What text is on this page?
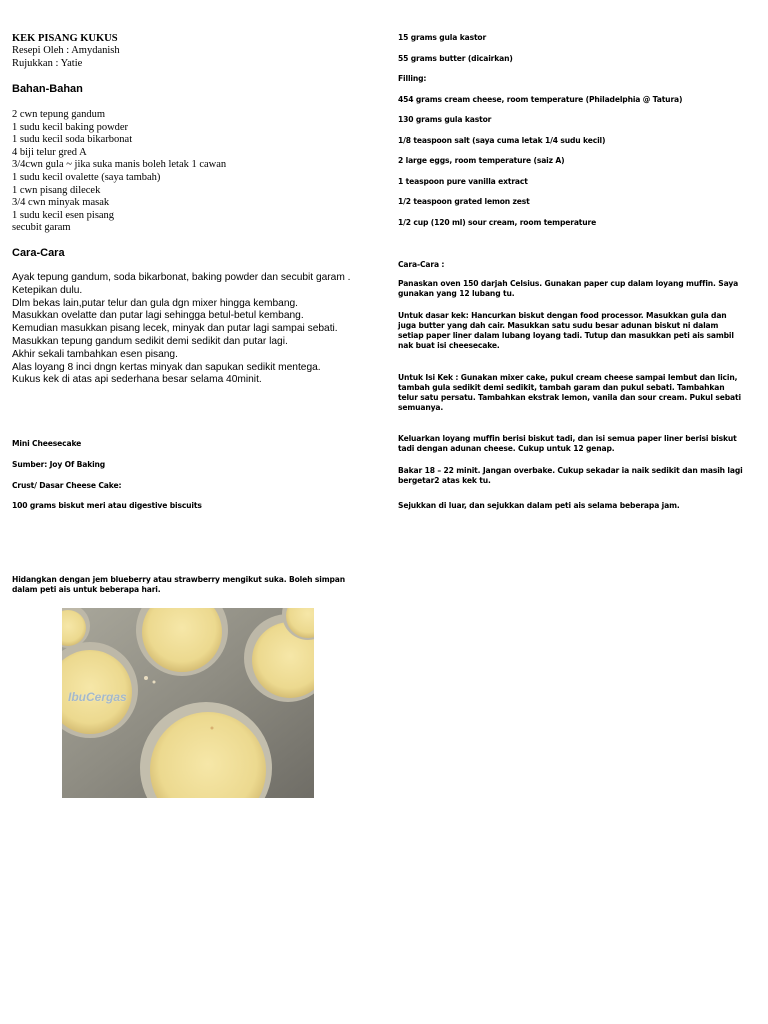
KEK PISANG KUKUS
Resepi Oleh : Amydanish
Rujukkan : Yatie
Bahan-Bahan
2 cwn tepung gandum
1 sudu kecil baking powder
1 sudu kecil soda bikarbonat
4 biji telur gred A
3/4cwn gula ~ jika suka manis boleh letak 1 cawan
1 sudu kecil ovalette (saya tambah)
1 cwn pisang dilecek
3/4 cwn minyak masak
1 sudu kecil esen pisang
secubit garam
Cara-Cara
Ayak tepung gandum, soda bikarbonat, baking powder dan secubit garam .
Ketepikan dulu.
Dlm bekas lain,putar telur dan gula dgn mixer hingga kembang.
Masukkan ovelatte dan putar lagi sehingga betul-betul kembang.
Kemudian masukkan pisang lecek, minyak dan putar lagi sampai sebati.
Masukkan tepung gandum sedikit demi sedikit dan putar lagi.
Akhir sekali tambahkan esen pisang.
Alas loyang 8 inci dngn kertas minyak dan sapukan sedikit mentega.
Kukus kek di atas api sederhana besar selama 40minit.
Mini Cheesecake
Sumber: Joy Of Baking
Crust/ Dasar Cheese Cake:
100 grams biskut meri atau digestive biscuits
Hidangkan dengan jem blueberry atau strawberry mengikut suka. Boleh simpan dalam peti ais untuk beberapa hari.
IbuCergas
15 grams gula kastor
55 grams butter (dicairkan)
Filling:
454 grams cream cheese, room temperature (Philadelphia @ Tatura)
130 grams gula kastor
1/8 teaspoon salt (saya cuma letak 1/4 sudu kecil)
2 large eggs, room temperature (saiz A)
1 teaspoon pure vanilla extract
1/2 teaspoon grated lemon zest
1/2 cup (120 ml) sour cream, room temperature
Cara-Cara :
Panaskan oven 150 darjah Celsius. Gunakan paper cup dalam loyang muffin. Saya gunakan yang 12 lubang tu.
Untuk dasar kek: Hancurkan biskut dengan food processor. Masukkan gula dan juga butter yang dah cair. Masukkan satu sudu besar adunan biskut ni dalam setiap paper liner dalam lubang loyang tadi. Tutup dan masukkan peti ais sambil nak buat isi cheesecake.
Untuk Isi Kek : Gunakan mixer cake, pukul cream cheese sampai lembut dan licin, tambah gula sedikit demi sedikit, tambah garam dan pukul sebati. Tambahkan telur satu persatu. Tambahkan ekstrak lemon, vanila dan sour cream. Pukul sebati semuanya.
Keluarkan loyang muffin berisi biskut tadi, dan isi semua paper liner berisi biskut tadi dengan adunan cheese. Cukup untuk 12 genap.
Bakar 18 – 22 minit. Jangan overbake. Cukup sekadar ia naik sedikit dan masih lagi bergetar2 atas kek tu.
Sejukkan di luar, dan sejukkan dalam peti ais selama beberapa jam.
